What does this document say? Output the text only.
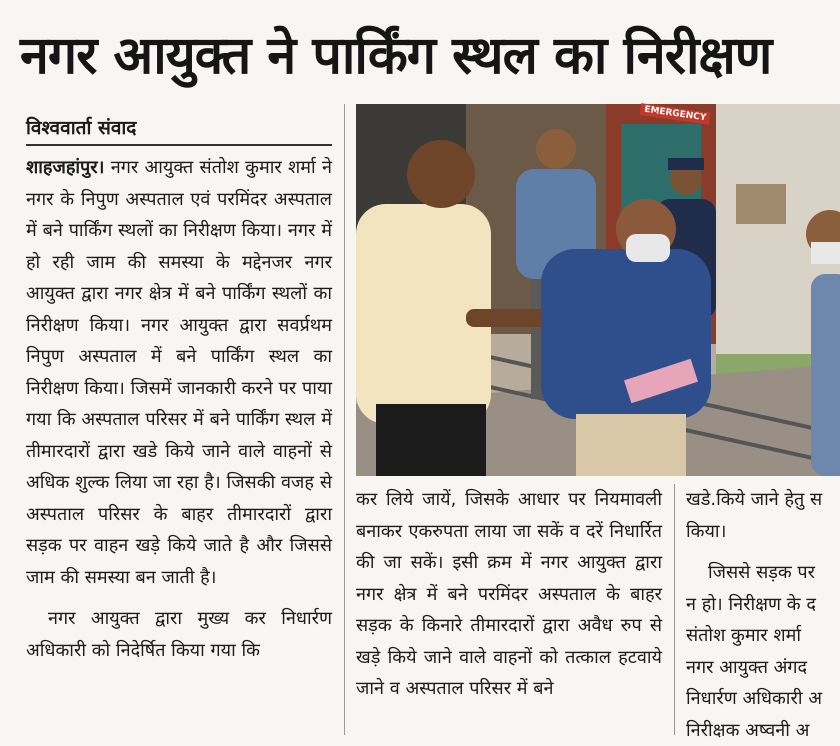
नगर आयुक्त ने पार्किंग स्थल का निरीक्षण
विश्ववार्ता संवाद
शाहजहांपुर। नगर आयुक्त संतोश कुमार शर्मा ने नगर के निपुण अस्पताल एवं परमिंदर अस्पताल में बने पार्किंग स्थलों का निरीक्षण किया। नगर में हो रही जाम की समस्या के मद्देनजर नगर आयुक्त द्वारा नगर क्षेत्र में बने पार्किंग स्थलों का निरीक्षण किया। नगर आयुक्त द्वारा सवर्प्रथम निपुण अस्पताल में बने पार्किंग स्थल का निरीक्षण किया। जिसमें जानकारी करने पर पाया गया कि अस्पताल परिसर में बने पार्किंग स्थल में तीमारदारों द्वारा खडे किये जाने वाले वाहनों से अधिक शुल्क लिया जा रहा है। जिसकी वजह से अस्पताल परिसर के बाहर तीमारदारों द्वारा सड़क पर वाहन खड़े किये जाते है और जिससे जाम की समस्या बन जाती है।
नगर आयुक्त द्वारा मुख्य कर निधार्रण अधिकारी को निदेर्षित किया गया कि
EMERGENCY
कर लिये जायें, जिसके आधार पर नियमावली बनाकर एकरुपता लाया जा सकें व दरें निधार्रित की जा सकें। इसी क्रम में नगर आयुक्त द्वारा नगर क्षेत्र में बने परमिंदर अस्पताल के बाहर सड़क के किनारे तीमारदारों द्वारा अवैध रुप से खड़े किये जाने वाले वाहनों को तत्काल हटवाये जाने व अस्पताल परिसर में बने
खडे.किये जाने हेतु स
किया।
जिससे सड़क पर
न हो। निरीक्षण के द
संतोश कुमार शर्मा
नगर आयुक्त अंगद
निधार्रण अधिकारी अ
निरीक्षक अष्वनी अ
